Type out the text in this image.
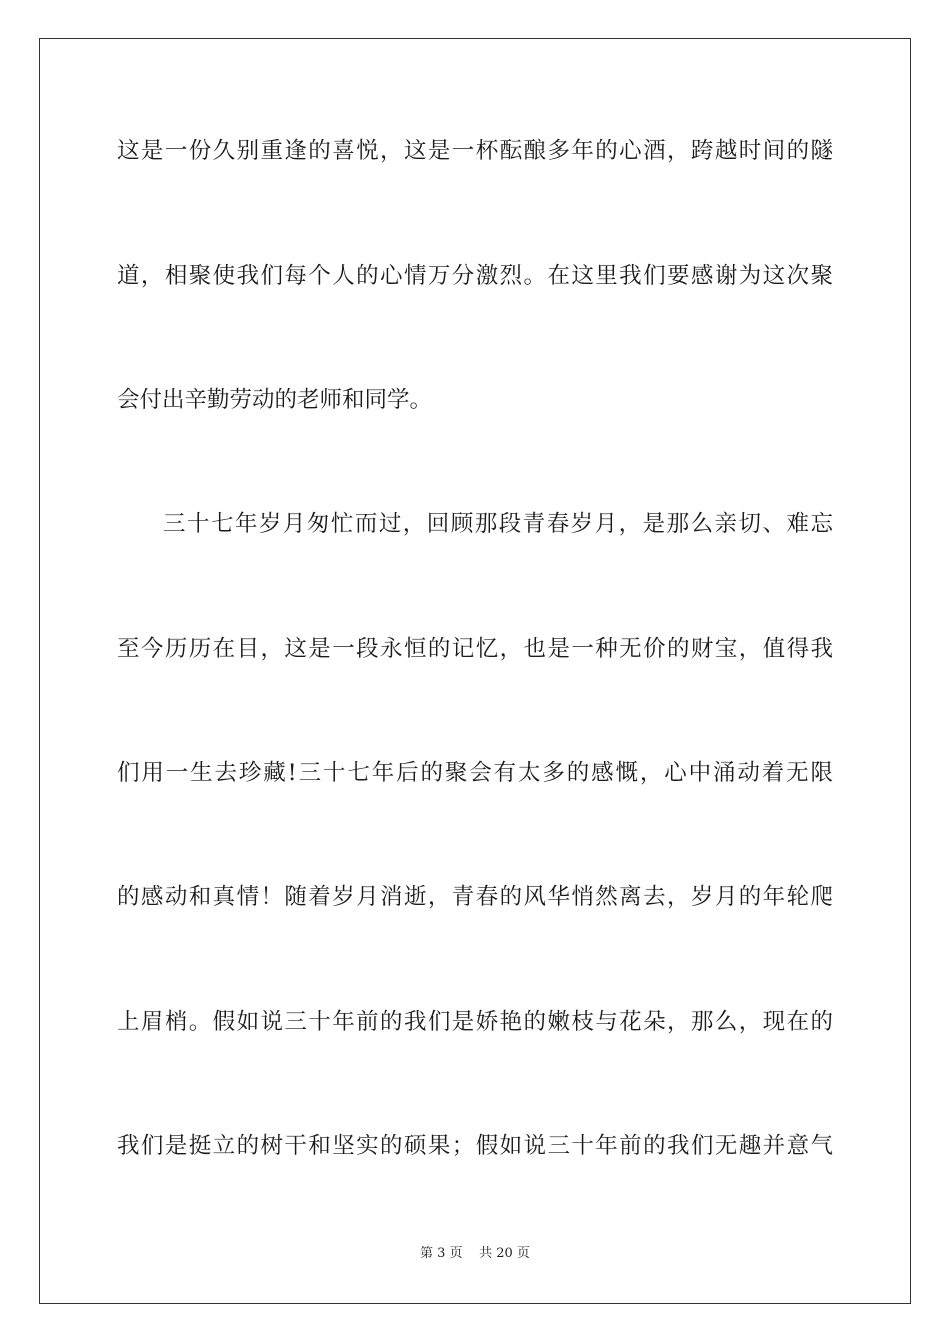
这是一份久别重逢的喜悦，这是一杯酝酿多年的心酒，跨越时间的隧
道，相聚使我们每个人的心情万分激烈。在这里我们要感谢为这次聚
会付出辛勤劳动的老师和同学。
三十七年岁月匆忙而过，回顾那段青春岁月，是那么亲切、难忘
至今历历在目，这是一段永恒的记忆，也是一种无价的财宝，值得我
们用一生去珍藏!三十七年后的聚会有太多的感慨，心中涌动着无限
的感动和真情！随着岁月消逝，青春的风华悄然离去，岁月的年轮爬
上眉梢。假如说三十年前的我们是娇艳的嫩枝与花朵，那么，现在的
我们是挺立的树干和坚实的硕果；假如说三十年前的我们无趣并意气
第 3 页 共 20 页
